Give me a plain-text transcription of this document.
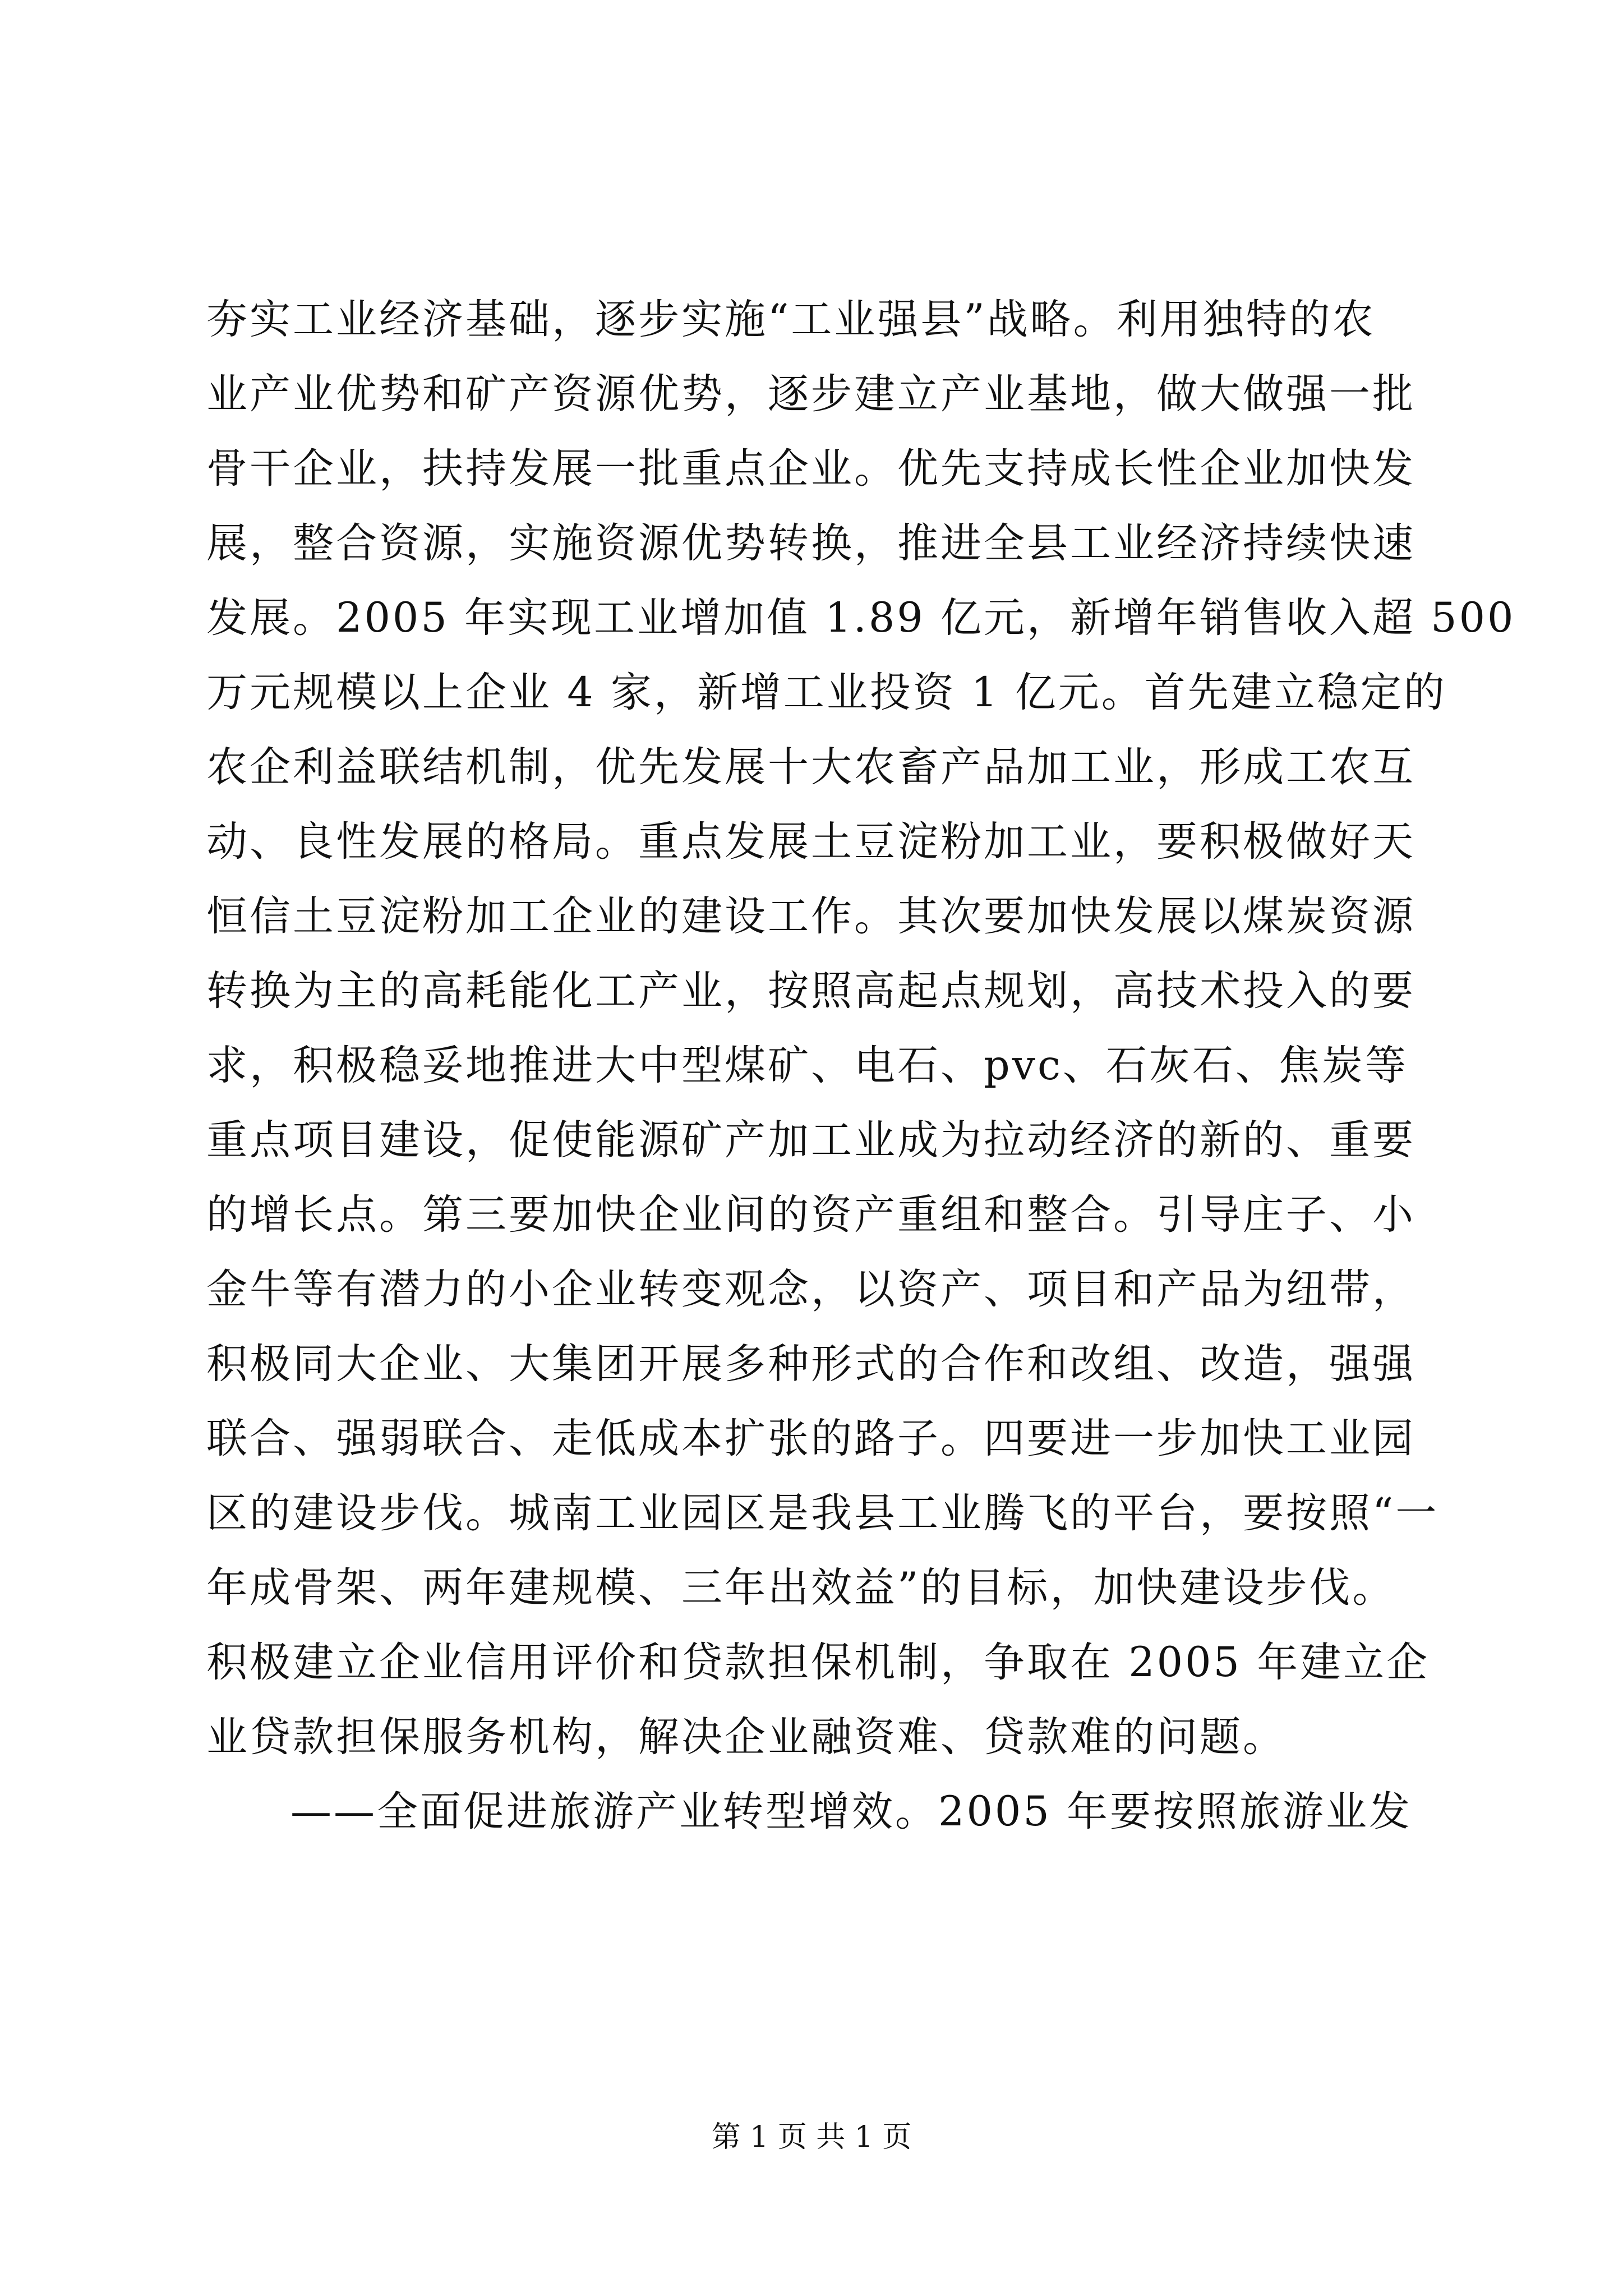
夯实工业经济基础，逐步实施“工业强县”战略。利用独特的农
业产业优势和矿产资源优势，逐步建立产业基地，做大做强一批
骨干企业，扶持发展一批重点企业。优先支持成长性企业加快发
展，整合资源，实施资源优势转换，推进全县工业经济持续快速
发展。2005 年实现工业增加值 1.89 亿元，新增年销售收入超 500
万元规模以上企业 4 家，新增工业投资 1 亿元。首先建立稳定的
农企利益联结机制，优先发展十大农畜产品加工业，形成工农互
动、良性发展的格局。重点发展土豆淀粉加工业，要积极做好天
恒信土豆淀粉加工企业的建设工作。其次要加快发展以煤炭资源
转换为主的高耗能化工产业，按照高起点规划，高技术投入的要
求，积极稳妥地推进大中型煤矿、电石、pvc、石灰石、焦炭等
重点项目建设，促使能源矿产加工业成为拉动经济的新的、重要
的增长点。第三要加快企业间的资产重组和整合。引导庄子、小
金牛等有潜力的小企业转变观念，以资产、项目和产品为纽带，
积极同大企业、大集团开展多种形式的合作和改组、改造，强强
联合、强弱联合、走低成本扩张的路子。四要进一步加快工业园
区的建设步伐。城南工业园区是我县工业腾飞的平台，要按照“一
年成骨架、两年建规模、三年出效益”的目标，加快建设步伐。
积极建立企业信用评价和贷款担保机制，争取在 2005 年建立企
业贷款担保服务机构，解决企业融资难、贷款难的问题。
——全面促进旅游产业转型增效。2005 年要按照旅游业发
第 1 页 共 1 页
